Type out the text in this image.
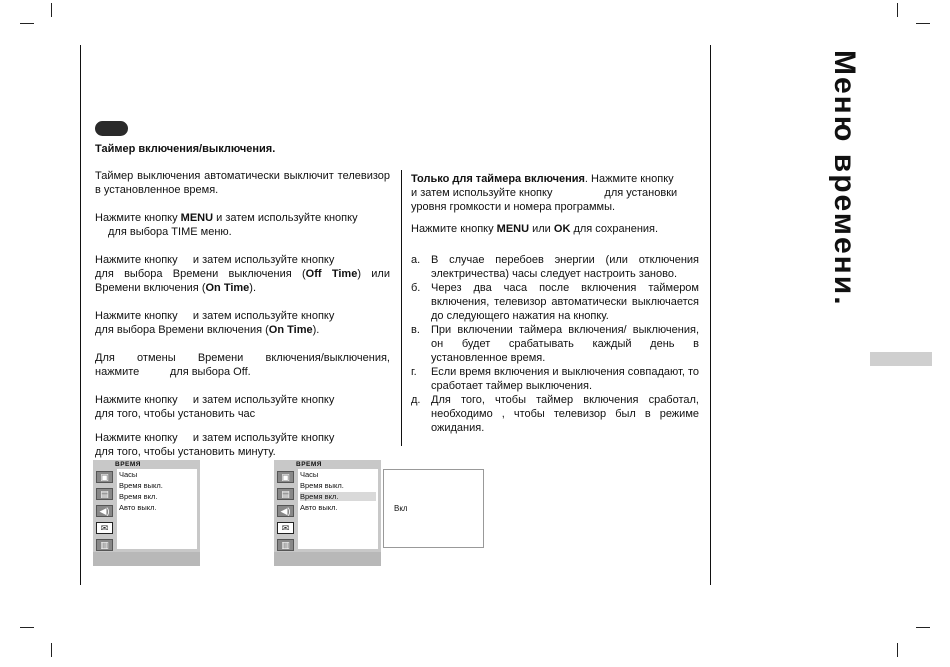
Таймер включения/выключения.

Таймер выключения автоматически выключит телевизор в установленное время.

Нажмите кнопку MENU и затем используйте кнопку
для выбора TIME меню.

Нажмите кнопку     и затем используйте кнопку

для выбора Времени выключения (Off Time) или
Времени включения (On Time).

Нажмите кнопку     и затем используйте кнопку
для выбора Времени включения (On Time).

Для отмены Времени включения/выключения,
нажмите          для выбора Off.

Нажмите кнопку     и затем используйте кнопку
для того, чтобы установить час

Нажмите кнопку     и затем используйте кнопку
для того, чтобы установить минуту.

Только для таймера включения. Нажмите кнопку
и затем используйте кнопку                 для установки
уровня громкости и номера программы.

Нажмите кнопку MENU или OK для сохранения.

а. В случае перебоев энергии (или отключения электричества) часы следует настроить заново.
б. Через два часа после включения таймером включения, телевизор автоматически выключается до следующего нажатия на кнопку.
в. При включении таймера включения/ выключения, он будет срабатывать каждый день в установленное время.
г. Если время включения и выключения совпадают, то сработает таймер выключения.
д. Для того, чтобы таймер включения сработал, необходимо , чтобы телевизор был в режиме ожидания.
Меню времени.
ВРЕМЯ
▣
▤
◀)
✉
▥
Часы
Время выкл.
Время вкл.
Авто выкл.
ВРЕМЯ
▣
▤
◀)
✉
▥
Часы
Время выкл.
Время вкл.
Авто выкл.	Вкл
